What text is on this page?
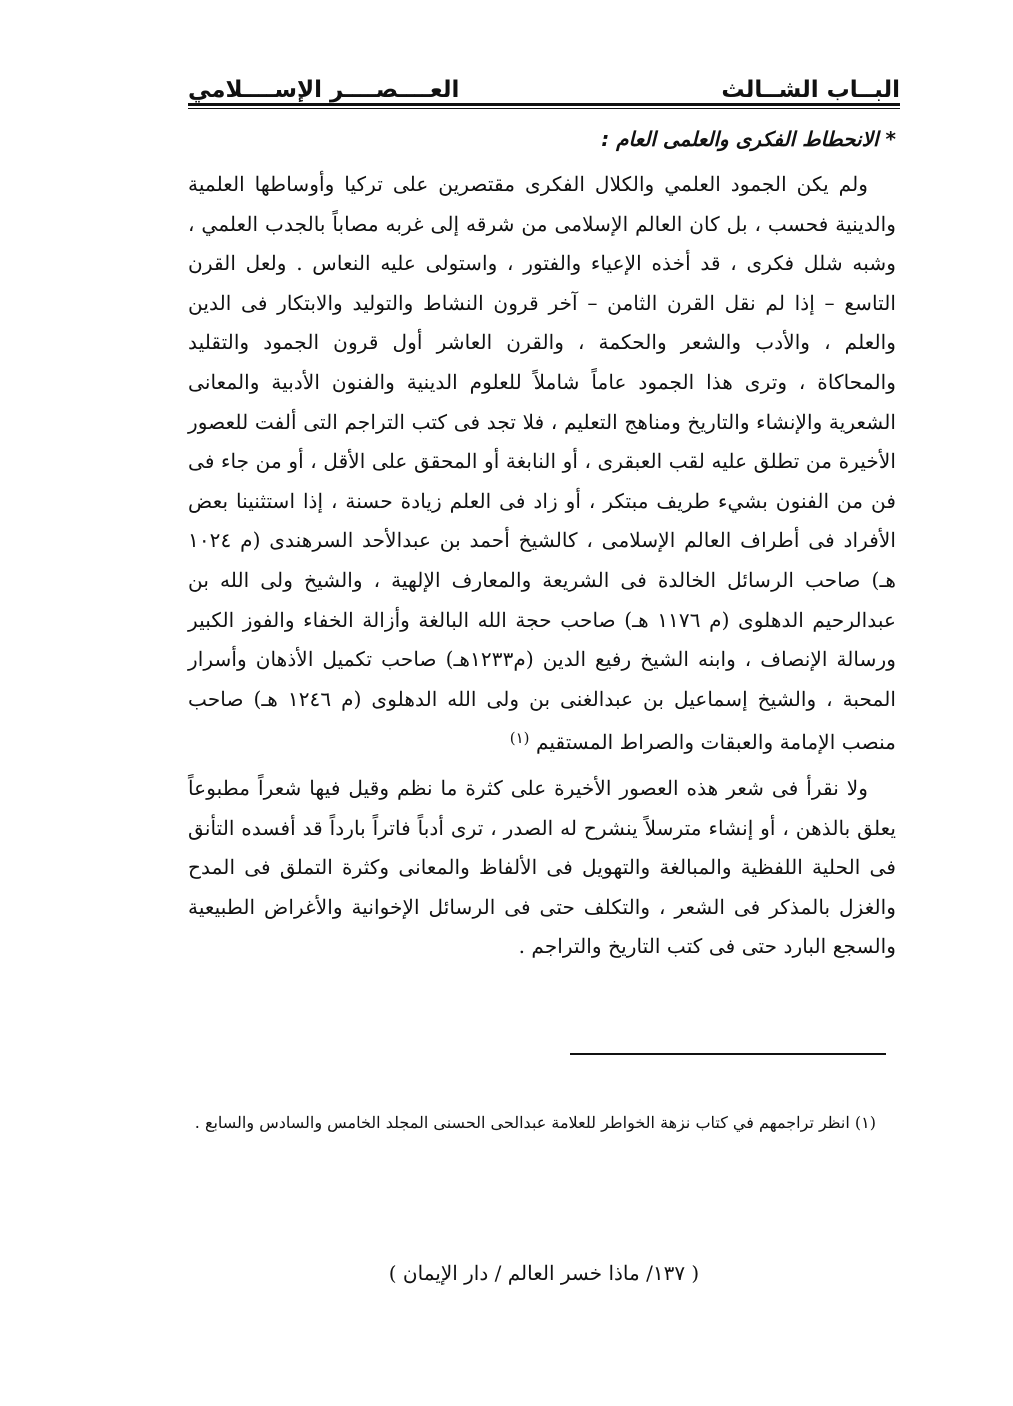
البــاب الشــالث
العــــصــــر الإســــلامي
* الانحطاط الفكرى والعلمى العام :

ولم يكن الجمود العلمي والكلال الفكرى مقتصرين على تركيا وأوساطها العلمية والدينية فحسب ، بل كان العالم الإسلامى من شرقه إلى غربه مصاباً بالجدب العلمي ، وشبه شلل فكرى ، قد أخذه الإعياء والفتور ، واستولى عليه النعاس . ولعل القرن التاسع – إذا لم نقل القرن الثامن – آخر قرون النشاط والتوليد والابتكار فى الدين والعلم ، والأدب والشعر والحكمة ، والقرن العاشر أول قرون الجمود والتقليد والمحاكاة ، وترى هذا الجمود عاماً شاملاً للعلوم الدينية والفنون الأدبية والمعانى الشعرية والإنشاء والتاريخ ومناهج التعليم ، فلا تجد فى كتب التراجم التى ألفت للعصور الأخيرة من تطلق عليه لقب العبقرى ، أو النابغة أو المحقق على الأقل ، أو من جاء فى فن من الفنون بشيء طريف مبتكر ، أو زاد فى العلم زيادة حسنة ، إذا استثنينا بعض الأفراد فى أطراف العالم الإسلامى ، كالشيخ أحمد بن عبدالأحد السرهندى (م ١٠٢٤ هـ) صاحب الرسائل الخالدة فى الشريعة والمعارف الإلهية ، والشيخ ولى الله بن عبدالرحيم الدهلوى (م ١١٧٦ هـ) صاحب حجة الله البالغة وأزالة الخفاء والفوز الكبير ورسالة الإنصاف ، وابنه الشيخ رفيع الدين (م١٢٣٣هـ) صاحب تكميل الأذهان وأسرار المحبة ، والشيخ إسماعيل بن عبدالغنى بن ولى الله الدهلوى (م ١٢٤٦ هـ) صاحب منصب الإمامة والعبقات والصراط المستقيم $^{(١)}$

ولا نقرأ فى شعر هذه العصور الأخيرة على كثرة ما نظم وقيل فيها شعراً مطبوعاً يعلق بالذهن ، أو إنشاء مترسلاً ينشرح له الصدر ، ترى أدباً فاتراً بارداً قد أفسده التأنق فى الحلية اللفظية والمبالغة والتهويل فى الألفاظ والمعانى وكثرة التملق فى المدح والغزل بالمذكر فى الشعر ، والتكلف حتى فى الرسائل الإخوانية والأغراض الطبيعية والسجع البارد حتى فى كتب التاريخ والتراجم .

(١) انظر تراجمهم في كتاب نزهة الخواطر للعلامة عبدالحى الحسنى المجلد الخامس والسادس والسابع .
( ١٣٧/ ماذا خسر العالم / دار الإيمان )
